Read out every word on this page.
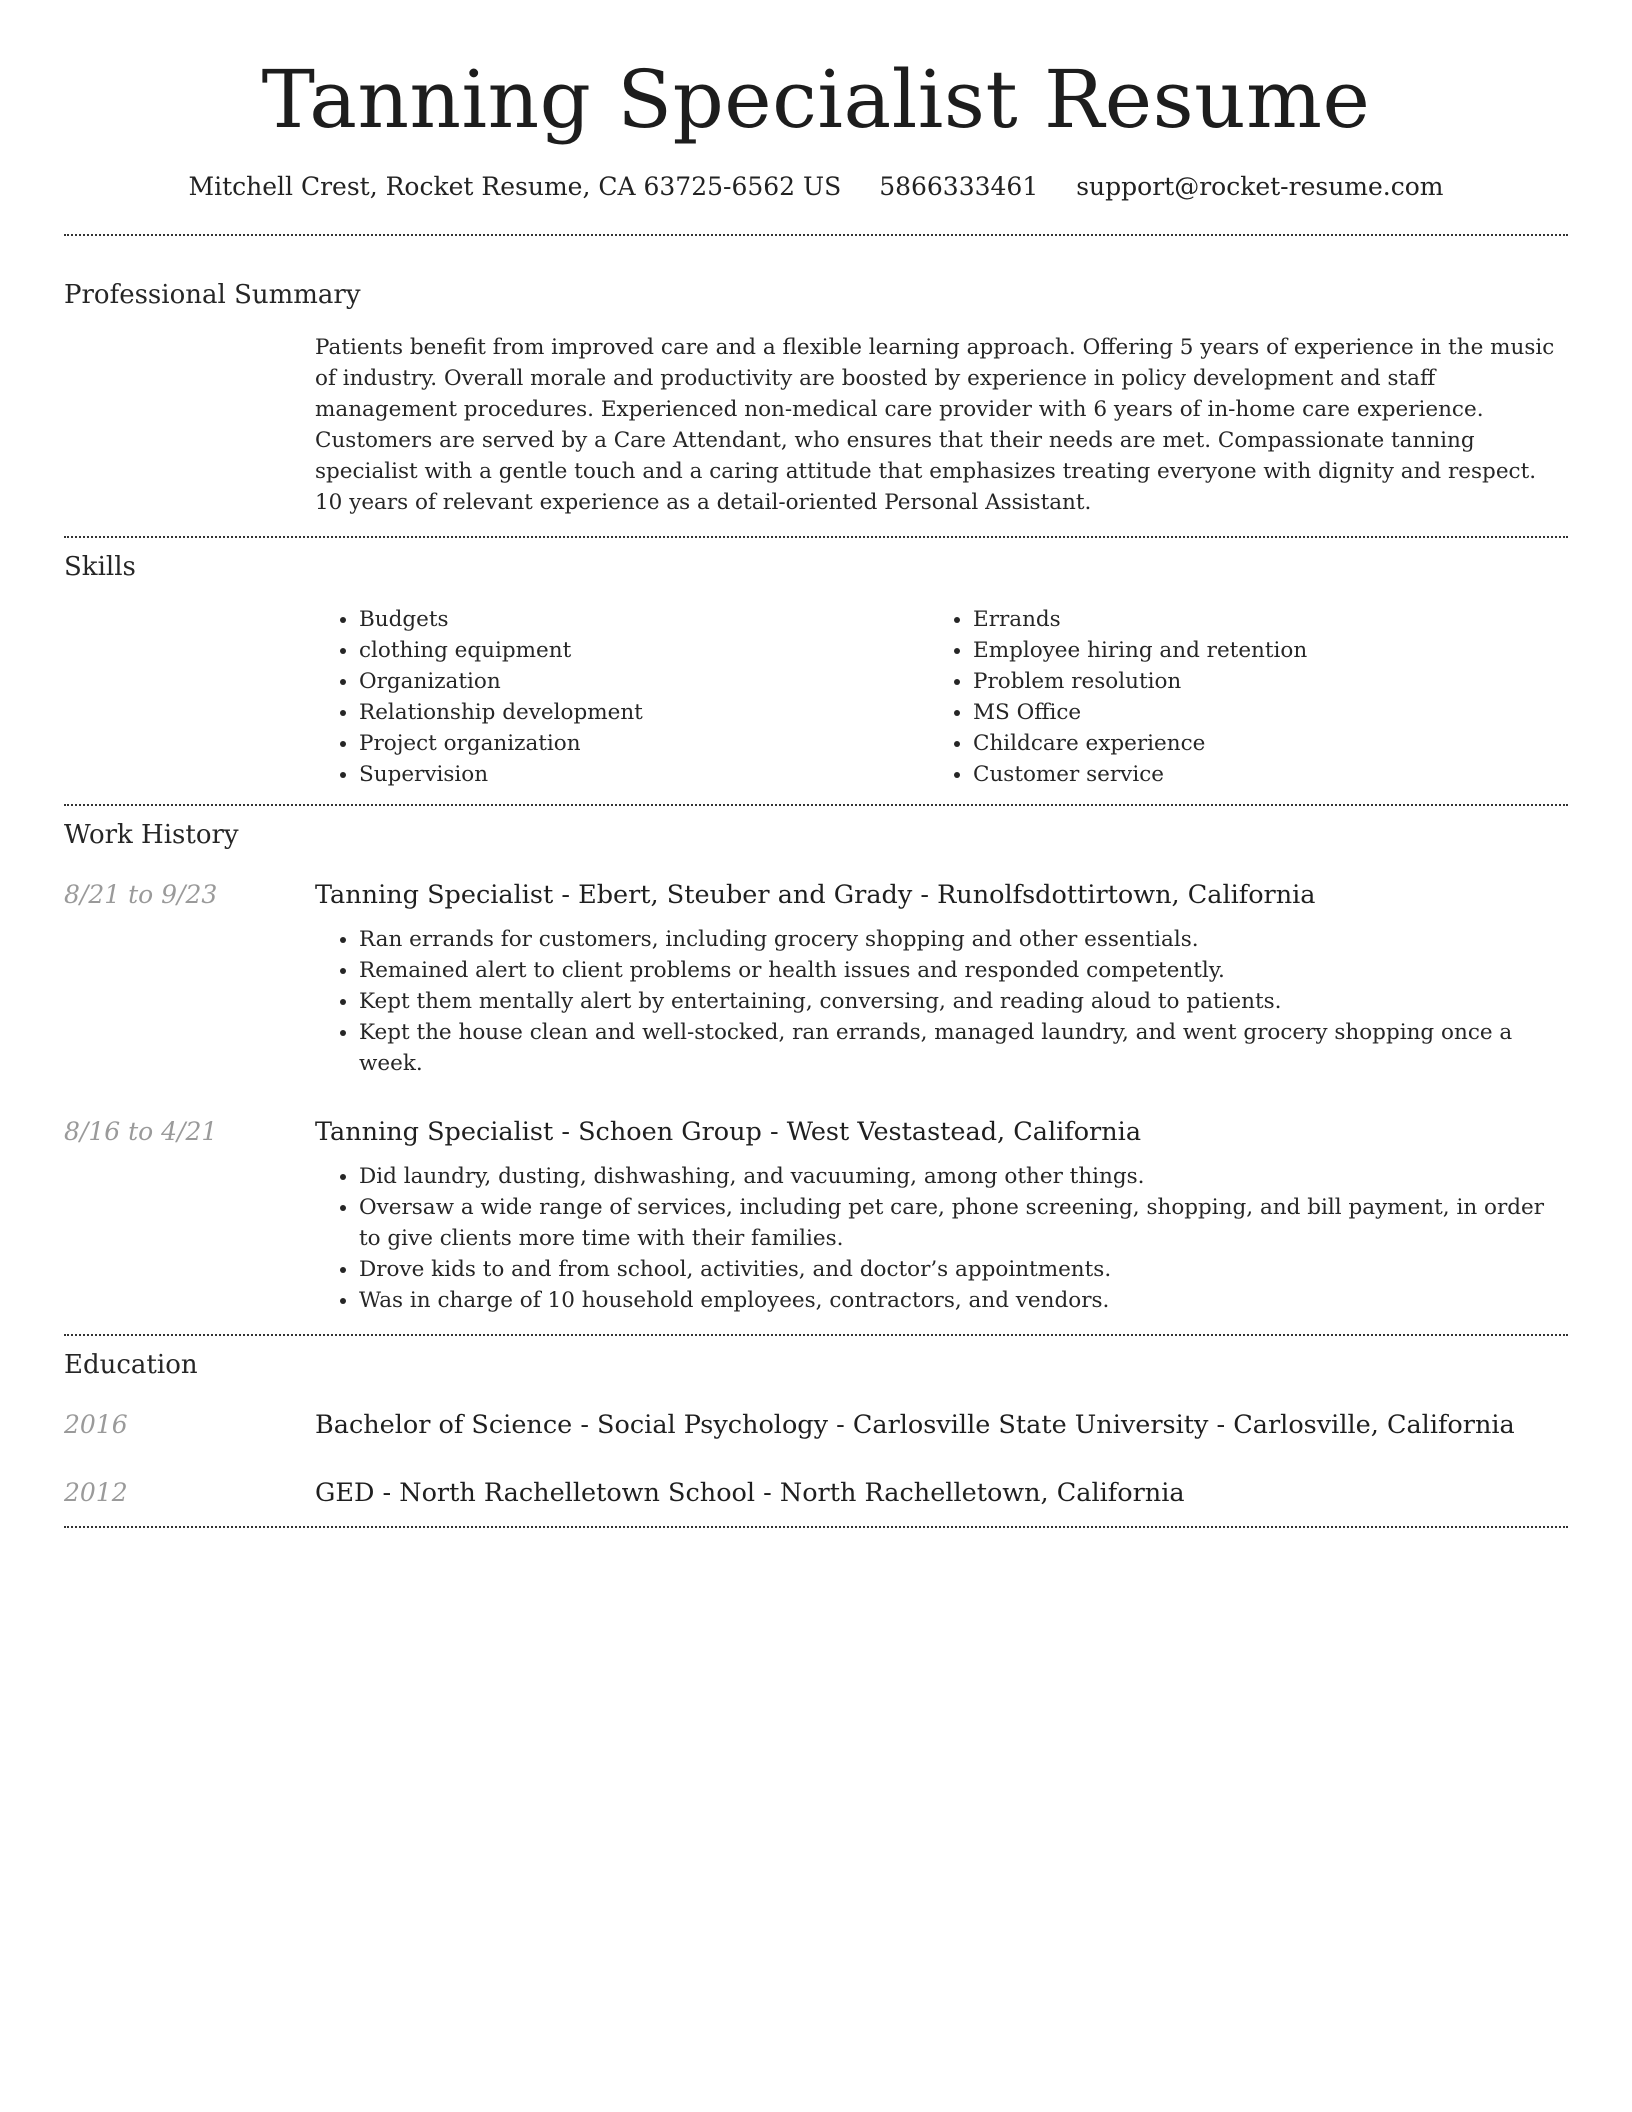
Tanning Specialist Resume
Mitchell Crest, Rocket Resume, CA 63725-6562 US 5866333461 support@rocket-resume.com
Professional Summary
Patients benefit from improved care and a flexible learning approach. Offering 5 years of experience in the music of industry. Overall morale and productivity are boosted by experience in policy development and staff management procedures. Experienced non-medical care provider with 6 years of in-home care experience. Customers are served by a Care Attendant, who ensures that their needs are met. Compassionate tanning specialist with a gentle touch and a caring attitude that emphasizes treating everyone with dignity and respect. 10 years of relevant experience as a detail-oriented Personal Assistant.
Skills
• Budgets
• clothing equipment
• Organization
• Relationship development
• Project organization
• Supervision
• Errands
• Employee hiring and retention
• Problem resolution
• MS Office
• Childcare experience
• Customer service
Work History
8/21 to 9/23	Tanning Specialist - Ebert, Steuber and Grady - Runolfsdottirtown, California
• Ran errands for customers, including grocery shopping and other essentials.
• Remained alert to client problems or health issues and responded competently.
• Kept them mentally alert by entertaining, conversing, and reading aloud to patients.
• Kept the house clean and well-stocked, ran errands, managed laundry, and went grocery shopping once a week.
8/16 to 4/21	Tanning Specialist - Schoen Group - West Vestastead, California
• Did laundry, dusting, dishwashing, and vacuuming, among other things.
• Oversaw a wide range of services, including pet care, phone screening, shopping, and bill payment, in order to give clients more time with their families.
• Drove kids to and from school, activities, and doctor’s appointments.
• Was in charge of 10 household employees, contractors, and vendors.
Education
2016	Bachelor of Science - Social Psychology - Carlosville State University - Carlosville, California
2012	GED - North Rachelletown School - North Rachelletown, California
